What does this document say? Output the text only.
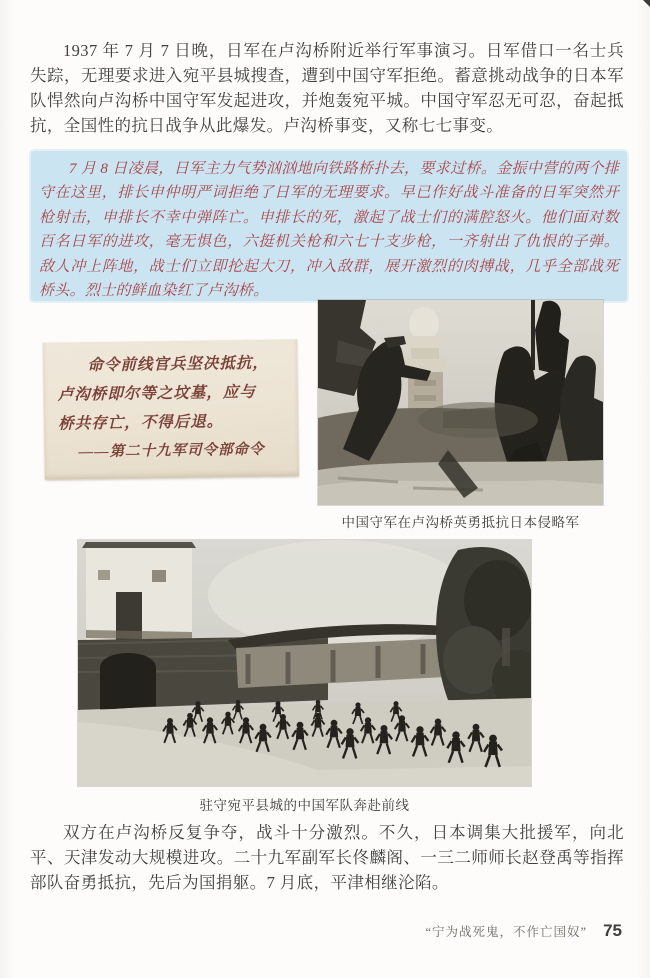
1937 年 7 月 7 日晚，日军在卢沟桥附近举行军事演习。日军借口一名士兵失踪，无理要求进入宛平县城搜查，遭到中国守军拒绝。蓄意挑动战争的日本军队悍然向卢沟桥中国守军发起进攻，并炮轰宛平城。中国守军忍无可忍，奋起抵抗，全国性的抗日战争从此爆发。卢沟桥事变，又称七七事变。
7 月 8 日凌晨，日军主力气势汹汹地向铁路桥扑去，要求过桥。金振中营的两个排守在这里，排长申仲明严词拒绝了日军的无理要求。早已作好战斗准备的日军突然开枪射击，申排长不幸中弹阵亡。申排长的死，激起了战士们的满腔怒火。他们面对数百名日军的进攻，毫无惧色，六挺机关枪和六七十支步枪，一齐射出了仇恨的子弹。敌人冲上阵地，战士们立即抡起大刀，冲入敌群，展开激烈的肉搏战，几乎全部战死桥头。烈士的鲜血染红了卢沟桥。
命令前线官兵坚决抵抗，
卢沟桥即尔等之坟墓，应与
桥共存亡，不得后退。
——第二十九军司令部命令
中国守军在卢沟桥英勇抵抗日本侵略军
驻守宛平县城的中国军队奔赴前线
双方在卢沟桥反复争夺，战斗十分激烈。不久，日本调集大批援军，向北平、天津发动大规模进攻。二十九军副军长佟麟阁、一三二师师长赵登禹等指挥部队奋勇抵抗，先后为国捐躯。7 月底，平津相继沦陷。
“宁为战死鬼，不作亡国奴” 75
